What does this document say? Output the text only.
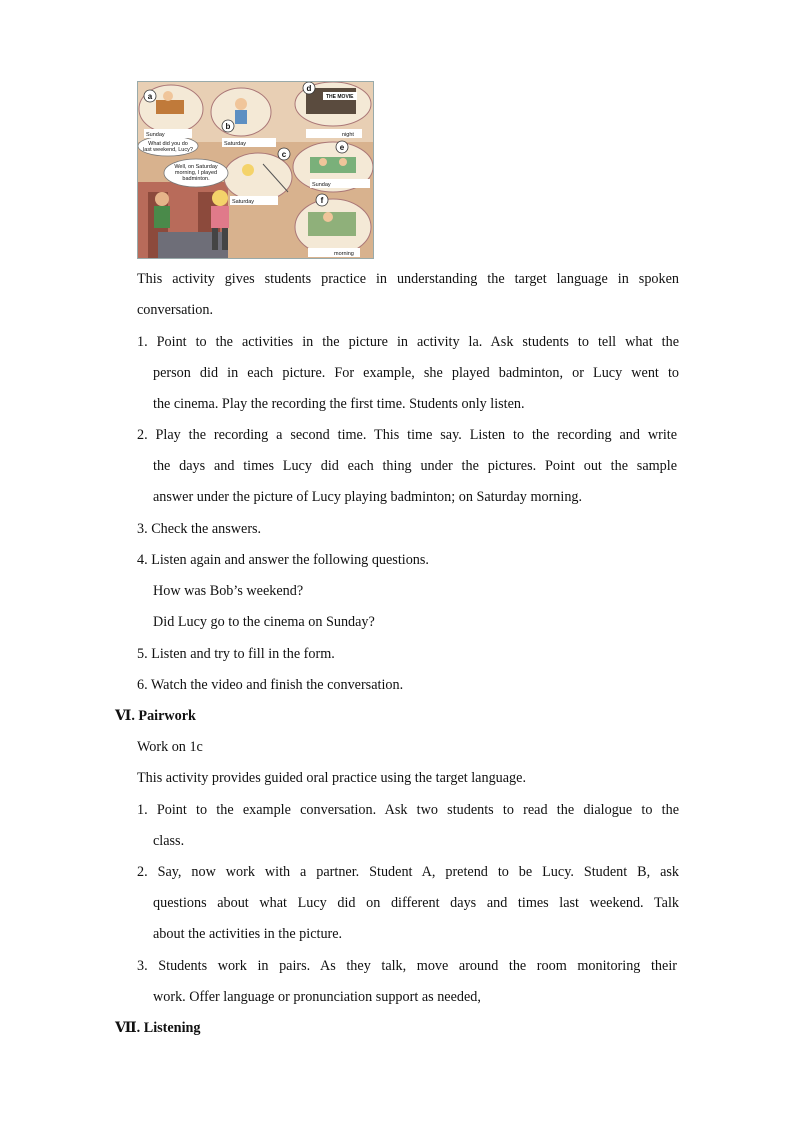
a
b
c
d
e
f
Sunday
Saturday
night
Sunday
Saturday
morning
THE MOVIE
What did you do
last weekend, Lucy?
Well, on Saturday
morning, I played
badminton.
This activity gives students practice in understanding the target language in spoken
conversation.
1. Point to the activities in the picture in activity la. Ask students to tell what the
person did in each picture. For example, she played badminton, or Lucy went to
the cinema. Play the recording the first time. Students only listen.
2. Play the recording a second time. This time say. Listen to the recording and write
the days and times Lucy did each thing under the pictures. Point out the sample
answer under the picture of Lucy playing badminton; on Saturday morning.
3. Check the answers.
4. Listen again and answer the following questions.
How was Bob’s weekend?
Did Lucy go to the cinema on Sunday?
5. Listen and try to fill in the form.
6. Watch the video and finish the conversation.
Ⅵ. Pairwork
Work on 1c
This activity provides guided oral practice using the target language.
1. Point to the example conversation. Ask two students to read the dialogue to the
class.
2. Say, now work with a partner. Student A, pretend to be Lucy. Student B, ask
questions about what Lucy did on different days and times last weekend. Talk
about the activities in the picture.
3. Students work in pairs. As they talk, move around the room monitoring their
work. Offer language or pronunciation support as needed,
Ⅶ. Listening
